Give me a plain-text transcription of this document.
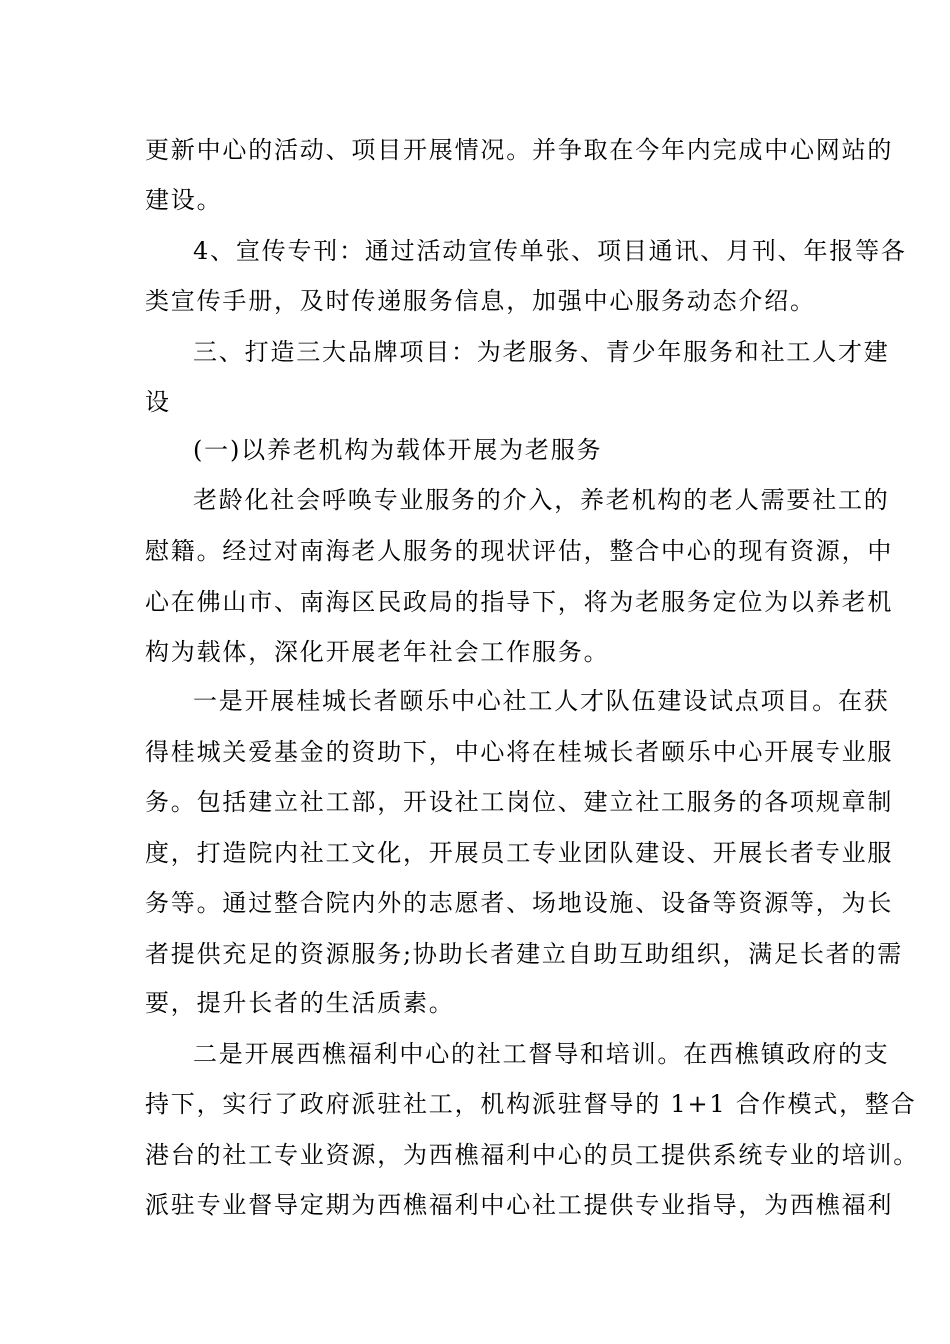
更新中心的活动、项目开展情况。并争取在今年内完成中心网站的

建设。

4、宣传专刊：通过活动宣传单张、项目通讯、月刊、年报等各

类宣传手册，及时传递服务信息，加强中心服务动态介绍。

三、打造三大品牌项目：为老服务、青少年服务和社工人才建

设

(一)以养老机构为载体开展为老服务

老龄化社会呼唤专业服务的介入，养老机构的老人需要社工的

慰籍。经过对南海老人服务的现状评估，整合中心的现有资源，中

心在佛山市、南海区民政局的指导下，将为老服务定位为以养老机

构为载体，深化开展老年社会工作服务。

一是开展桂城长者颐乐中心社工人才队伍建设试点项目。在获

得桂城关爱基金的资助下，中心将在桂城长者颐乐中心开展专业服

务。包括建立社工部，开设社工岗位、建立社工服务的各项规章制

度，打造院内社工文化，开展员工专业团队建设、开展长者专业服

务等。通过整合院内外的志愿者、场地设施、设备等资源等，为长

者提供充足的资源服务;协助长者建立自助互助组织，满足长者的需

要，提升长者的生活质素。

二是开展西樵福利中心的社工督导和培训。在西樵镇政府的支

持下，实行了政府派驻社工，机构派驻督导的 1+1 合作模式，整合

港台的社工专业资源，为西樵福利中心的员工提供系统专业的培训。

派驻专业督导定期为西樵福利中心社工提供专业指导，为西樵福利
